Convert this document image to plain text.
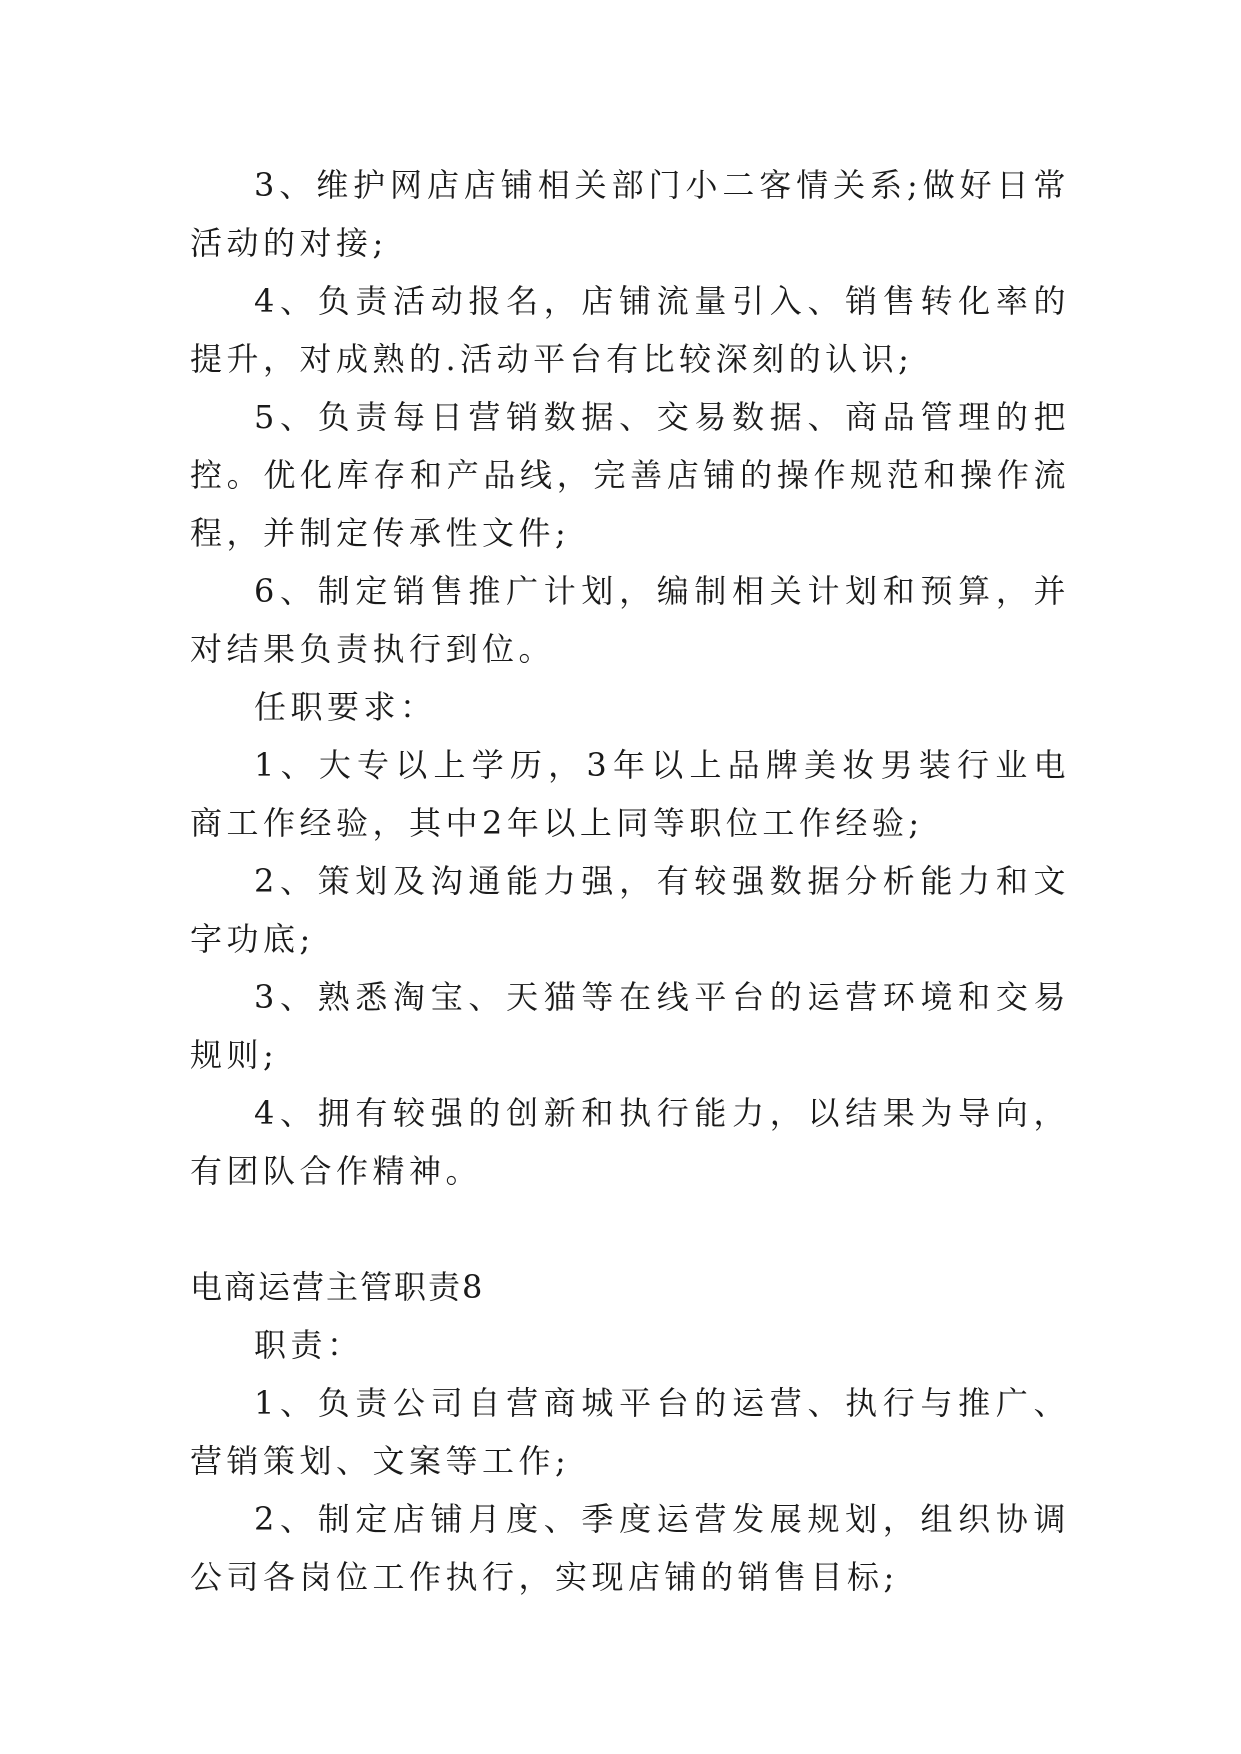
3、维护网店店铺相关部门小二客情关系;做好日常活动的对接;

4、负责活动报名，店铺流量引入、销售转化率的提升，对成熟的.活动平台有比较深刻的认识;

5、负责每日营销数据、交易数据、商品管理的把控。优化库存和产品线，完善店铺的操作规范和操作流程，并制定传承性文件;

6、制定销售推广计划，编制相关计划和预算，并对结果负责执行到位。

任职要求：

1、大专以上学历，3年以上品牌美妆男装行业电商工作经验，其中2年以上同等职位工作经验;

2、策划及沟通能力强，有较强数据分析能力和文字功底;

3、熟悉淘宝、天猫等在线平台的运营环境和交易规则;

4、拥有较强的创新和执行能力，以结果为导向，有团队合作精神。

电商运营主管职责8

职责：

1、负责公司自营商城平台的运营、执行与推广、营销策划、文案等工作;

2、制定店铺月度、季度运营发展规划，组织协调公司各岗位工作执行，实现店铺的销售目标;
